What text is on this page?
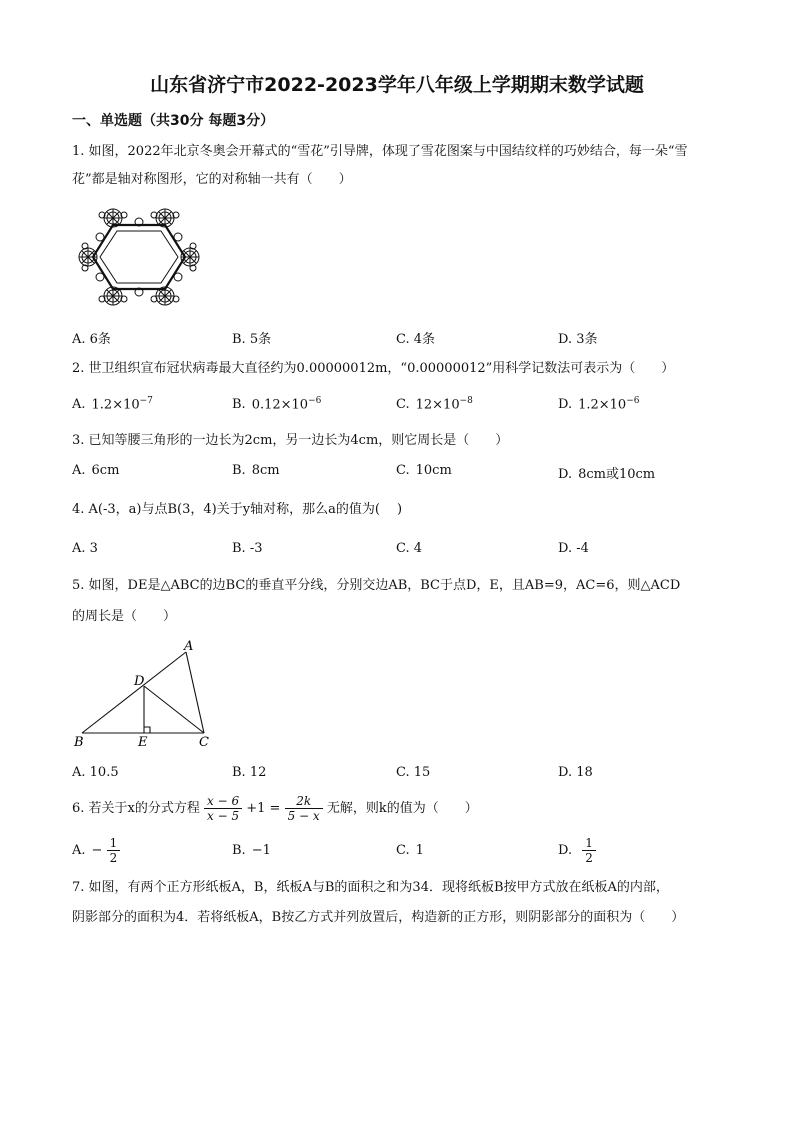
山东省济宁市2022-2023学年八年级上学期期末数学试题
一、单选题（共30分 每题3分）
1. 如图，2022年北京冬奥会开幕式的“雪花”引导牌，体现了雪花图案与中国结纹样的巧妙结合，每一朵“雪
花”都是轴对称图形，它的对称轴一共有（　　）
A. 6条	B. 5条	C. 4条	D. 3条
2. 世卫组织宣布冠状病毒最大直径约为0.00000012m，“0.00000012”用科学记数法可表示为（　　）
A. $1.2\times 10^{-7}$	B. $0.12\times 10^{-6}$	C. $12\times 10^{-8}$	D. $1.2\times 10^{-6}$
3. 已知等腰三角形的一边长为2cm，另一边长为4cm，则它周长是（　　）
A. 6cm	B. 8cm	C. 10cm	D. 8cm或10cm
4. A(-3，a)与点B(3，4)关于y轴对称，那么a的值为(　 )
A. 3	B. -3	C. 4	D. -4
5. 如图，DE是△ABC的边BC的垂直平分线，分别交边AB，BC于点D，E，且AB=9，AC=6，则△ACD
的周长是（　　）
A
B	C
D
E
A. 10.5	B. 12	C. 15	D. 18
6. 若关于x的分式方程 $\frac{x - 6}{x - 5} +1 = \frac{2k}{5 - x}$ 无解，则k的值为（　　）
A. − $\frac{1}{2}$	B. −1	C. 1	D. $\frac{1}{2}$
7. 如图，有两个正方形纸板A，B，纸板A与B的面积之和为34．现将纸板B按甲方式放在纸板A的内部，
阴影部分的面积为4．若将纸板A，B按乙方式并列放置后，构造新的正方形，则阴影部分的面积为（　　）
